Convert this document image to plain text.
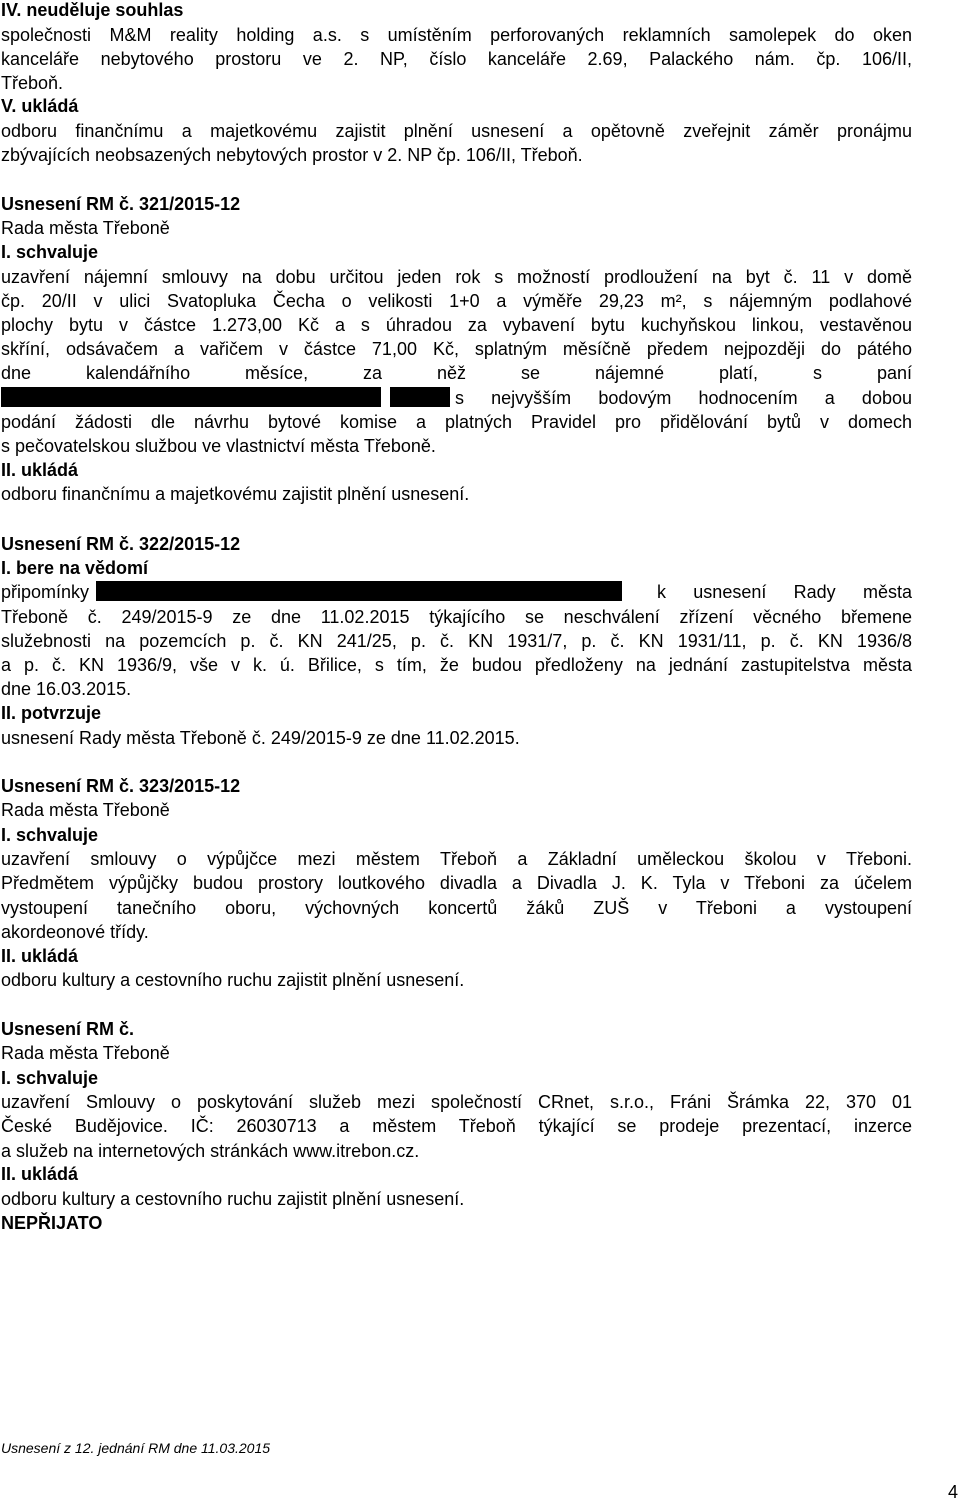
IV. neuděluje souhlas
společnosti M&M reality holding a.s. s umístěním perforovaných reklamních samolepek do oken
kanceláře nebytového prostoru ve 2. NP, číslo kanceláře 2.69, Palackého nám. čp. 106/II,
Třeboň.
V. ukládá
odboru finančnímu a majetkovému zajistit plnění usnesení a opětovně zveřejnit záměr pronájmu
zbývajících neobsazených nebytových prostor v 2. NP čp. 106/II, Třeboň.
Usnesení RM č. 321/2015-12
Rada města Třeboně
I. schvaluje
uzavření nájemní smlouvy na dobu určitou jeden rok s možností prodloužení na byt č. 11 v domě
čp. 20/II v ulici Svatopluka Čecha o velikosti 1+0 a výměře 29,23 m², s nájemným podlahové
plochy bytu v částce 1.273,00 Kč a s úhradou za vybavení bytu kuchyňskou linkou, vestavěnou
skříní, odsávačem a vařičem v částce 71,00 Kč, splatným měsíčně předem nejpozději do pátého
dne kalendářního měsíce, za něž se nájemné platí, s paní

s nejvyšším bodovým hodnocením a dobou
podání žádosti dle návrhu bytové komise a platných Pravidel pro přidělování bytů v domech
s pečovatelskou službou ve vlastnictví města Třeboně.
II. ukládá
odboru finančnímu a majetkovému zajistit plnění usnesení.
Usnesení RM č. 322/2015-12
I. bere na vědomí
připomínky	k usnesení Rady města
Třeboně č. 249/2015-9 ze dne 11.02.2015 týkajícího se neschválení zřízení věcného břemene
služebnosti na pozemcích p. č. KN 241/25, p. č. KN 1931/7, p. č. KN 1931/11, p. č. KN 1936/8
a p. č. KN 1936/9, vše v k. ú. Břilice, s tím, že budou předloženy na jednání zastupitelstva města
dne 16.03.2015.
II. potvrzuje
usnesení Rady města Třeboně č. 249/2015-9 ze dne 11.02.2015.
Usnesení RM č. 323/2015-12
Rada města Třeboně
I. schvaluje
uzavření smlouvy o výpůjčce mezi městem Třeboň a Základní uměleckou školou v Třeboni.
Předmětem výpůjčky budou prostory loutkového divadla a Divadla J. K. Tyla v Třeboni za účelem
vystoupení tanečního oboru, výchovných koncertů žáků ZUŠ v Třeboni a vystoupení
akordeonové třídy.
II. ukládá
odboru kultury a cestovního ruchu zajistit plnění usnesení.
Usnesení RM č.
Rada města Třeboně
I. schvaluje
uzavření Smlouvy o poskytování služeb mezi společností CRnet, s.r.o., Fráni Šrámka 22, 370 01
České Budějovice. IČ: 26030713 a městem Třeboň týkající se prodeje prezentací, inzerce
a služeb na internetových stránkách www.itrebon.cz.
II. ukládá
odboru kultury a cestovního ruchu zajistit plnění usnesení.
NEPŘIJATO
Usnesení z 12. jednání RM dne 11.03.2015
4
